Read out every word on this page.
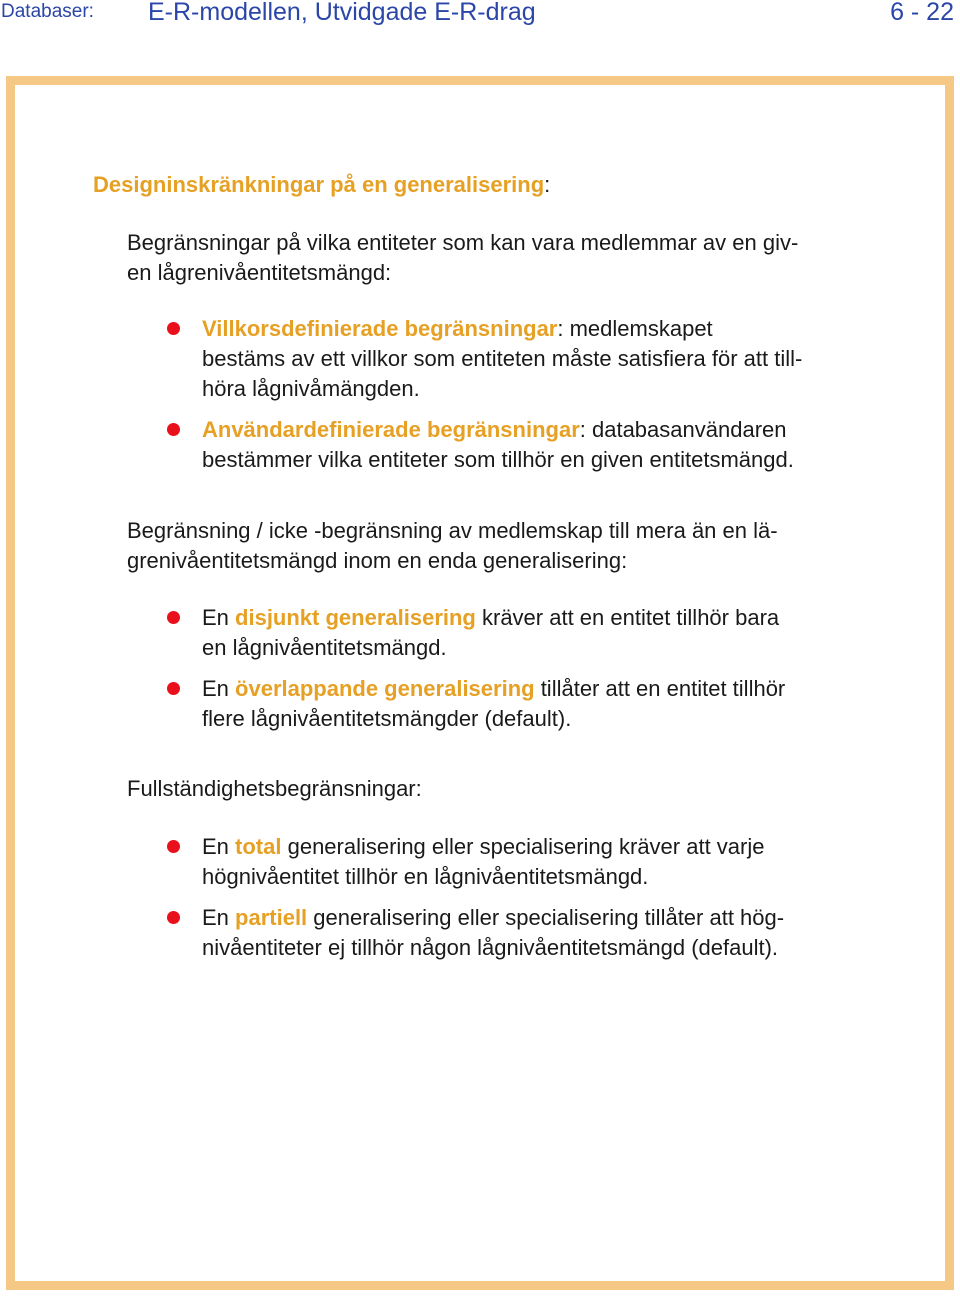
Databaser: E-R-modellen, Utvidgade E-R-drag	6 - 22
Designinskränkningar på en generalisering:
Begränsningar på vilka entiteter som kan vara medlemmar av en giv-
en lågrenivåentitetsmängd:
Villkorsdefinierade begränsningar: medlemskapet
bestäms av ett villkor som entiteten måste satisfiera för att till-
höra lågnivåmängden.
Användardefinierade begränsningar: databasanvändaren
bestämmer vilka entiteter som tillhör en given entitetsmängd.
Begränsning / icke -begränsning av medlemskap till mera än en lä-
grenivåentitetsmängd inom en enda generalisering:
En disjunkt generalisering kräver att en entitet tillhör bara
en lågnivåentitetsmängd.
En överlappande generalisering tillåter att en entitet tillhör
flere lågnivåentitetsmängder (default).
Fullständighetsbegränsningar:
En total generalisering eller specialisering kräver att varje
högnivåentitet tillhör en lågnivåentitetsmängd.
En partiell generalisering eller specialisering tillåter att hög-
nivåentiteter ej tillhör någon lågnivåentitetsmängd (default).
